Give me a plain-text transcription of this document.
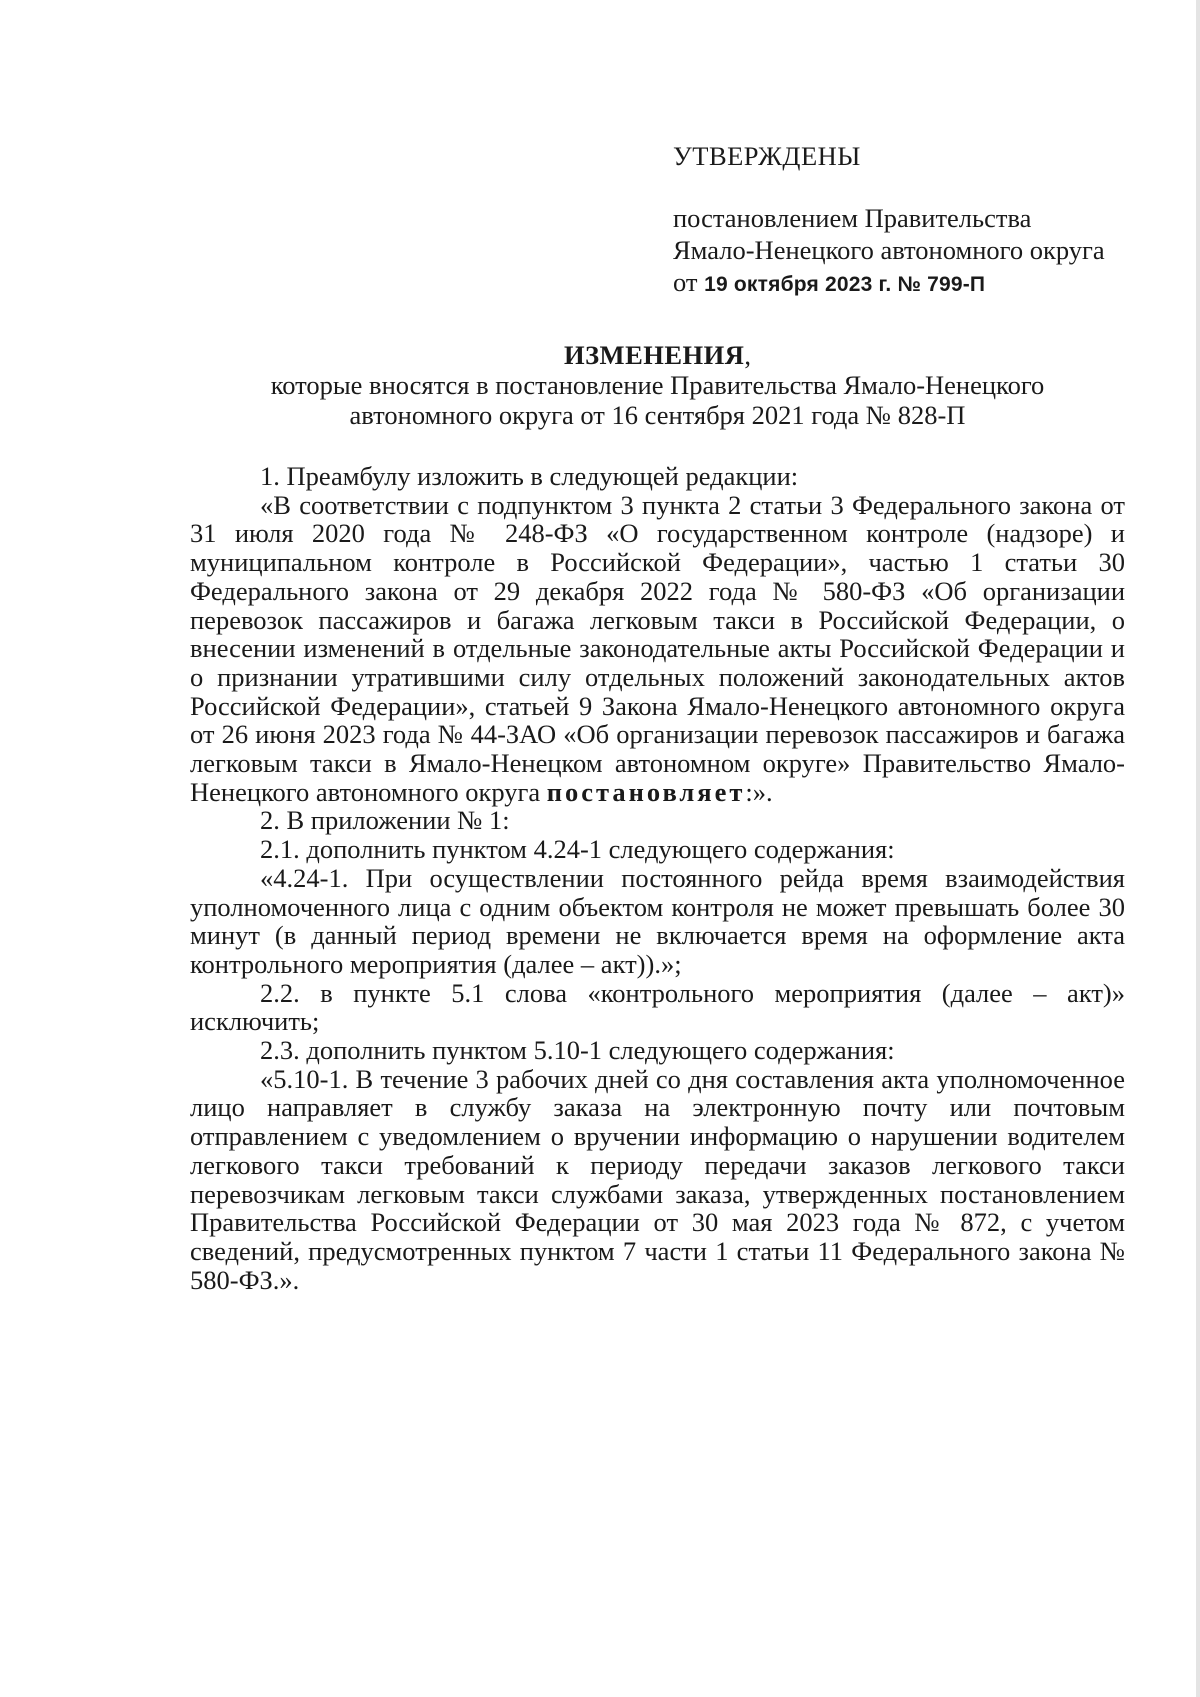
УТВЕРЖДЕНЫ
постановлением Правительства
Ямало-Ненецкого автономного округа
от 19 октября 2023 г. № 799-П
ИЗМЕНЕНИЯ,
которые вносятся в постановление Правительства Ямало-Ненецкого
автономного округа от 16 сентября 2021 года № 828-П

1. Преамбулу изложить в следующей редакции:

«В соответствии с подпунктом 3 пункта 2 статьи 3 Федерального закона от 31 июля 2020 года № 248-ФЗ «О государственном контроле (надзоре) и муниципальном контроле в Российской Федерации», частью 1 статьи 30 Федерального закона от 29 декабря 2022 года № 580-ФЗ «Об организации перевозок пассажиров и багажа легковым такси в Российской Федерации, о внесении изменений в отдельные законодательные акты Российской Федерации и о признании утратившими силу отдельных положений законодательных актов Российской Федерации», статьей 9 Закона Ямало-Ненецкого автономного округа от 26 июня 2023 года № 44-ЗАО «Об организации перевозок пассажиров и багажа легковым такси в Ямало-Ненецком автономном округе» Правительство Ямало-Ненецкого автономного округа постановляет:».

2. В приложении № 1:

2.1. дополнить пунктом 4.24-1 следующего содержания:

«4.24-1. При осуществлении постоянного рейда время взаимодействия уполномоченного лица с одним объектом контроля не может превышать более 30 минут (в данный период времени не включается время на оформление акта контрольного мероприятия (далее – акт)).»;

2.2. в пункте 5.1 слова «контрольного мероприятия (далее – акт)» исключить;

2.3. дополнить пунктом 5.10-1 следующего содержания:

«5.10-1. В течение 3 рабочих дней со дня составления акта уполномоченное лицо направляет в службу заказа на электронную почту или почтовым отправлением с уведомлением о вручении информацию о нарушении водителем легкового такси требований к периоду передачи заказов легкового такси перевозчикам легковым такси службами заказа, утвержденных постановлением Правительства Российской Федерации от 30 мая 2023 года № 872, с учетом сведений, предусмотренных пунктом 7 части 1 статьи 11 Федерального закона № 580-ФЗ.».
